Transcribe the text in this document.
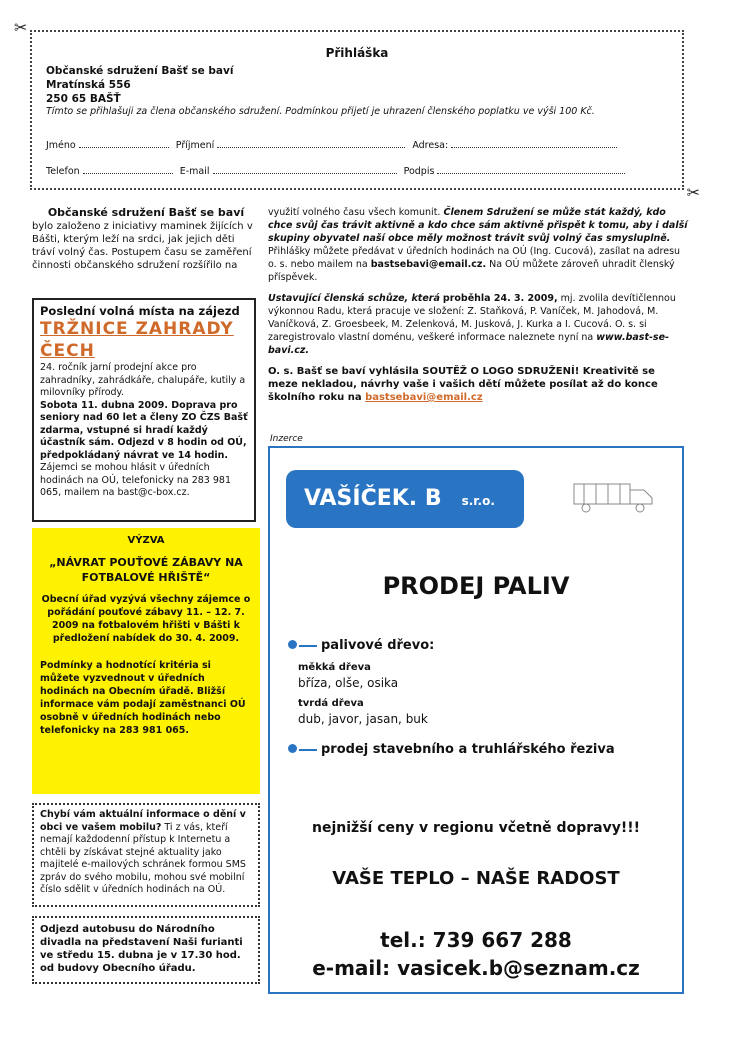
✂
✂
Přihláška
Občanské sdružení Bašť se baví
Mratínská 556
250 65 BAŠŤ
Tímto se přihlašuji za člena občanského sdružení. Podmínkou přijetí je uhrazení členského poplatku ve výši 100 Kč.
Jméno	Příjmení	Adresa:
Telefon	E-mail	Podpis
Občanské sdružení Bašť se baví
bylo založeno z iniciativy maminek žijících v Bášti, kterým leží na srdci, jak jejich děti tráví volný čas. Postupem času se zaměření činnosti občanského sdružení rozšířilo na
Poslední volná místa na zájezd
TRŽNICE ZAHRADY ČECH
24. ročník jarní prodejní akce pro zahradníky, zahrádkáře, chalupáře, kutily a milovníky přírody.
Sobota 11. dubna 2009. Doprava pro seniory nad 60 let a členy ZO ČZS Bašť zdarma, vstupné si hradí každý účastník sám. Odjezd v 8 hodin od OÚ, předpokládaný návrat ve 14 hodin.
Zájemci se mohou hlásit v úředních hodinách na OÚ, telefonicky na 283 981 065, mailem na bast@c-box.cz.
VÝZVA
„NÁVRAT POUŤOVÉ ZÁBAVY NA FOTBALOVÉ HŘIŠTĚ“
Obecní úřad vyzývá všechny zájemce o pořádání pouťové zábavy 11. – 12. 7. 2009 na fotbalovém hřišti v Bášti k předložení nabídek do 30. 4. 2009.
Podmínky a hodnotící kritéria si můžete vyzvednout v úředních hodinách na Obecním úřadě. Bližší informace vám podají zaměstnanci OÚ osobně v úředních hodinách nebo telefonicky na 283 981 065.
Chybí vám aktuální informace o dění v obci ve vašem mobilu? Ti z vás, kteří nemají každodenní přístup k Internetu a chtěli by získávat stejné aktuality jako majitelé e-mailových schránek formou SMS zpráv do svého mobilu, mohou své mobilní číslo sdělit v úředních hodinách na OÚ.
Odjezd autobusu do Národního divadla na představení Naši furianti ve středu 15. dubna je v 17.30 hod. od budovy Obecního úřadu.

využití volného času všech komunit. Členem Sdružení se může stát každý, kdo chce svůj čas trávit aktivně a kdo chce sám aktivně přispět k tomu, aby i další skupiny obyvatel naší obce měly možnost trávit svůj volný čas smysluplně. Přihlášky můžete předávat v úředních hodinách na OÚ (Ing. Cucová), zasílat na adresu o. s. nebo mailem na bastsebavi@email.cz. Na OÚ můžete zároveň uhradit členský příspěvek.

Ustavující členská schůze, která proběhla 24. 3. 2009, mj. zvolila devítičlennou výkonnou Radu, která pracuje ve složení: Z. Staňková, P. Vaníček, M. Jahodová, M. Vaníčková, Z. Groesbeek, M. Zelenková, M. Jusková, J. Kurka a I. Cucová. O. s. si zaregistrovalo vlastní doménu, veškeré informace naleznete nyní na www.bast-se-bavi.cz.

O. s. Bašť se baví vyhlásila SOUTĚŽ O LOGO SDRUŽENÍ! Kreativitě se meze nekladou, návrhy vaše i vašich dětí můžete posílat až do konce školního roku na bastsebavi@email.cz

Inzerce
VAŠÍČEK. B s.r.o.
PRODEJ PALIV
palivové dřevo:
měkká dřeva
bříza, olše, osika
tvrdá dřeva
dub, javor, jasan, buk
prodej stavebního a truhlářského řeziva
nejnižší ceny v regionu včetně dopravy!!!
VAŠE TEPLO – NAŠE RADOST
tel.: 739 667 288
e-mail: vasicek.b@seznam.cz
